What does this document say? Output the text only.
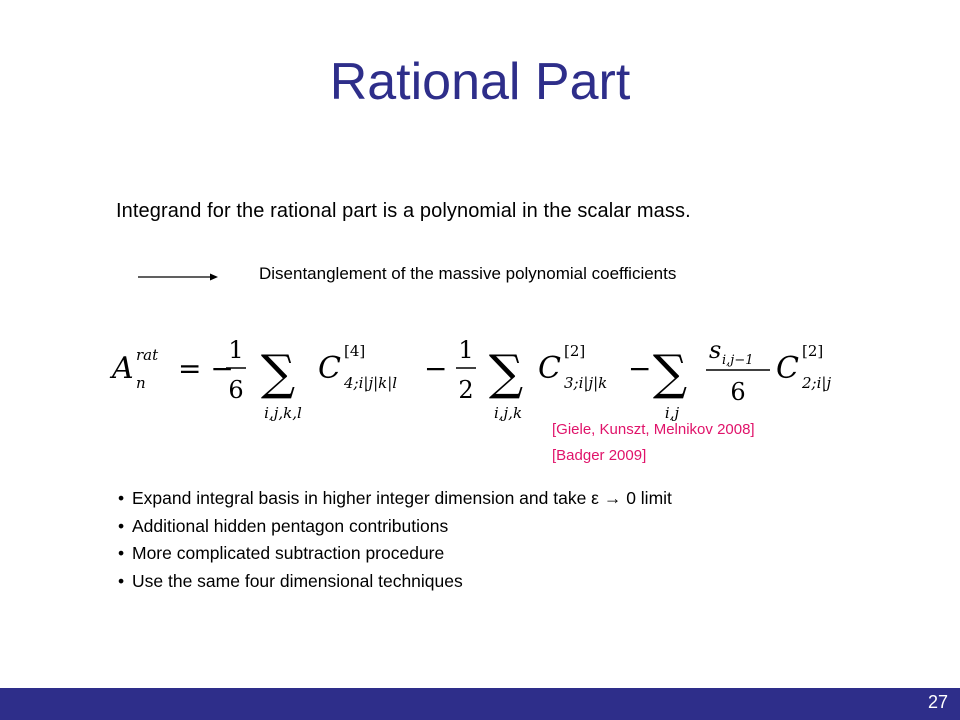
Rational Part
Integrand for the rational part is a polynomial in the scalar mass.
Disentanglement of the massive polynomial coefficients
A rat
n = −
1
6 ∑
i,j,k,l
C [4]
4;i|j|k|l −
1
2 ∑
i,j,k
C [2]
3;i|j|k − ∑
i,j
s i,j−1
6
C [2]
2;i|j
[Giele, Kunszt, Melnikov 2008]
[Badger 2009]
• Expand integral basis in higher integer dimension and take ε → 0 limit
• Additional hidden pentagon contributions
• More complicated subtraction procedure
• Use the same four dimensional techniques
27
